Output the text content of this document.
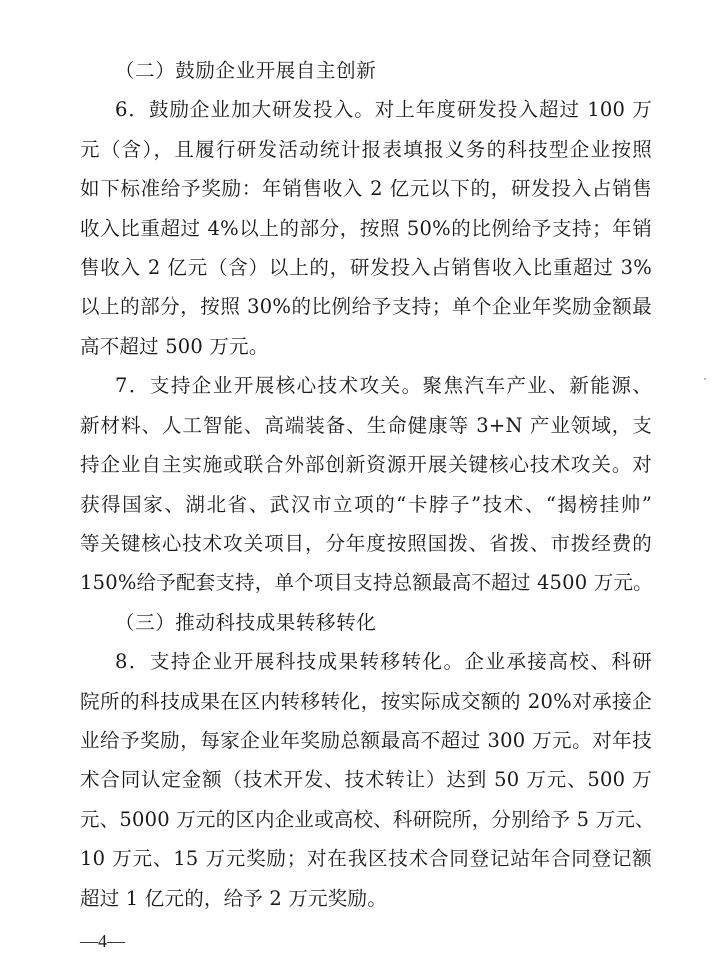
（二）鼓励企业开展自主创新
6．鼓励企业加大研发投入。对上年度研发投入超过 100 万
元（含），且履行研发活动统计报表填报义务的科技型企业按照
如下标准给予奖励：年销售收入 2 亿元以下的，研发投入占销售
收入比重超过 4%以上的部分，按照 50%的比例给予支持；年销
售收入 2 亿元（含）以上的，研发投入占销售收入比重超过 3%
以上的部分，按照 30%的比例给予支持；单个企业年奖励金额最
高不超过 500 万元。
7．支持企业开展核心技术攻关。聚焦汽车产业、新能源、
新材料、人工智能、高端装备、生命健康等 3+N 产业领域，支
持企业自主实施或联合外部创新资源开展关键核心技术攻关。对
获得国家、湖北省、武汉市立项的“卡脖子”技术、“揭榜挂帅”
等关键核心技术攻关项目，分年度按照国拨、省拨、市拨经费的
150%给予配套支持，单个项目支持总额最高不超过 4500 万元。
（三）推动科技成果转移转化
8．支持企业开展科技成果转移转化。企业承接高校、科研
院所的科技成果在区内转移转化，按实际成交额的 20%对承接企
业给予奖励，每家企业年奖励总额最高不超过 300 万元。对年技
术合同认定金额（技术开发、技术转让）达到 50 万元、500 万
元、5000 万元的区内企业或高校、科研院所，分别给予 5 万元、
10 万元、15 万元奖励；对在我区技术合同登记站年合同登记额
超过 1 亿元的，给予 2 万元奖励。
—4—
